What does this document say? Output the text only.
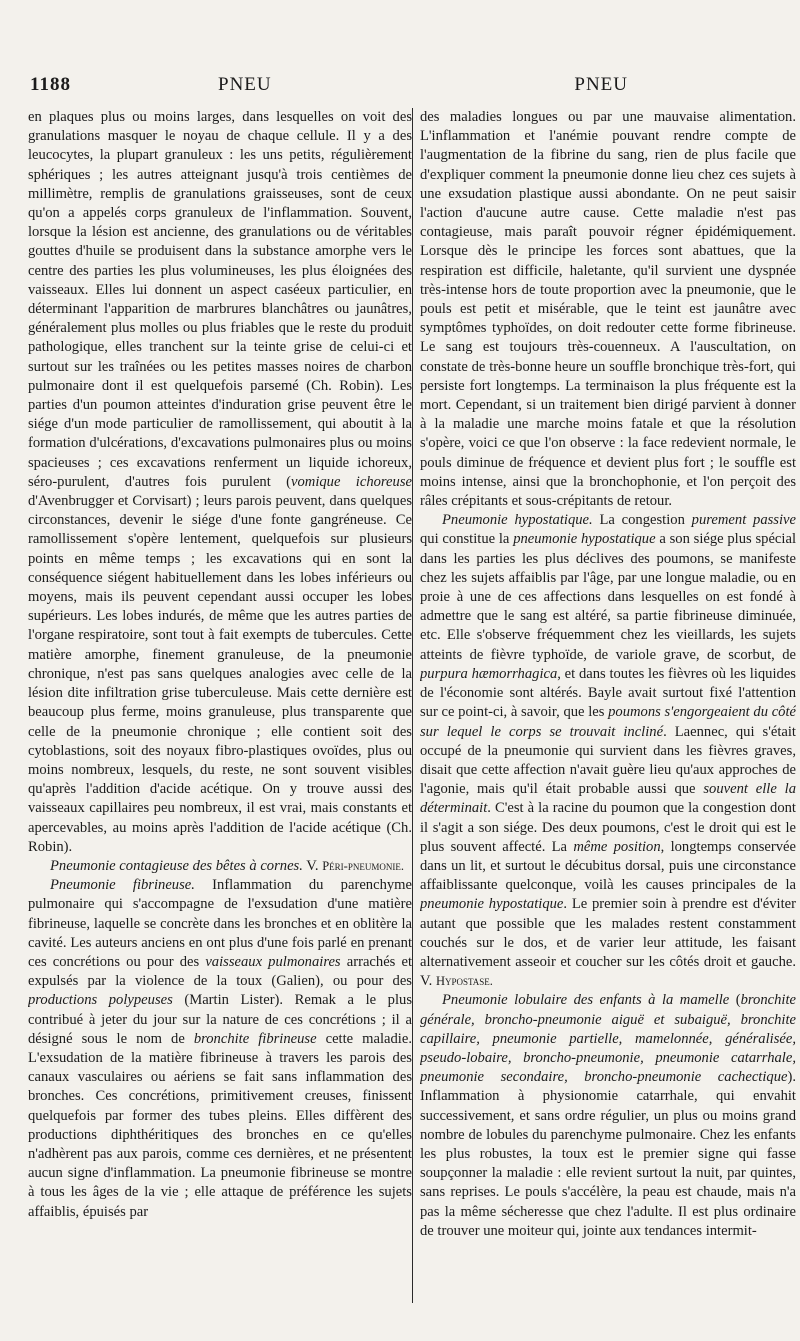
1188	PNEU	PNEU

en plaques plus ou moins larges, dans lesquelles on voit des granulations masquer le noyau de chaque cellule. Il y a des leucocytes, la plupart granuleux : les uns petits, régulièrement sphériques ; les autres atteignant jusqu'à trois centièmes de millimètre, remplis de granulations graisseuses, sont de ceux qu'on a appelés corps granuleux de l'inflammation. Souvent, lorsque la lésion est ancienne, des granulations ou de véritables gouttes d'huile se produisent dans la substance amorphe vers le centre des parties les plus volumineuses, les plus éloignées des vaisseaux. Elles lui donnent un aspect caséeux particulier, en déterminant l'apparition de marbrures blanchâtres ou jaunâtres, généralement plus molles ou plus friables que le reste du produit pathologique, elles tranchent sur la teinte grise de celui-ci et surtout sur les traînées ou les petites masses noires de charbon pulmonaire dont il est quelquefois parsemé (Ch. Robin). Les parties d'un poumon atteintes d'induration grise peuvent être le siége d'un mode particulier de ramollissement, qui aboutit à la formation d'ulcérations, d'excavations pulmonaires plus ou moins spacieuses ; ces excavations renferment un liquide ichoreux, séro-purulent, d'autres fois purulent (vomique ichoreuse d'Avenbrugger et Corvisart) ; leurs parois peuvent, dans quelques circonstances, devenir le siége d'une fonte gangréneuse. Ce ramollissement s'opère lentement, quelquefois sur plusieurs points en même temps ; les excavations qui en sont la conséquence siégent habituellement dans les lobes inférieurs ou moyens, mais ils peuvent cependant aussi occuper les lobes supérieurs. Les lobes indurés, de même que les autres parties de l'organe respiratoire, sont tout à fait exempts de tubercules. Cette matière amorphe, finement granuleuse, de la pneumonie chronique, n'est pas sans quelques analogies avec celle de la lésion dite infiltration grise tuberculeuse. Mais cette dernière est beaucoup plus ferme, moins granuleuse, plus transparente que celle de la pneumonie chronique ; elle contient soit des cytoblastions, soit des noyaux fibro-plastiques ovoïdes, plus ou moins nombreux, lesquels, du reste, ne sont souvent visibles qu'après l'addition d'acide acétique. On y trouve aussi des vaisseaux capillaires peu nombreux, il est vrai, mais constants et apercevables, au moins après l'addition de l'acide acétique (Ch. Robin).

Pneumonie contagieuse des bêtes à cornes. V. Péri-pneumonie.

Pneumonie fibrineuse. Inflammation du parenchyme pulmonaire qui s'accompagne de l'exsudation d'une matière fibrineuse, laquelle se concrète dans les bronches et en oblitère la cavité. Les auteurs anciens en ont plus d'une fois parlé en prenant ces concrétions ou pour des vaisseaux pulmonaires arrachés et expulsés par la violence de la toux (Galien), ou pour des productions polypeuses (Martin Lister). Remak a le plus contribué à jeter du jour sur la nature de ces concrétions ; il a désigné sous le nom de bronchite fibrineuse cette maladie. L'exsudation de la matière fibrineuse à travers les parois des canaux vasculaires ou aériens se fait sans inflammation des bronches. Ces concrétions, primitivement creuses, finissent quelquefois par former des tubes pleins. Elles diffèrent des productions diphthéritiques des bronches en ce qu'elles n'adhèrent pas aux parois, comme ces dernières, et ne présentent aucun signe d'inflammation. La pneumonie fibrineuse se montre à tous les âges de la vie ; elle attaque de préférence les sujets affaiblis, épuisés par

des maladies longues ou par une mauvaise alimentation. L'inflammation et l'anémie pouvant rendre compte de l'augmentation de la fibrine du sang, rien de plus facile que d'expliquer comment la pneumonie donne lieu chez ces sujets à une exsudation plastique aussi abondante. On ne peut saisir l'action d'aucune autre cause. Cette maladie n'est pas contagieuse, mais paraît pouvoir régner épidémiquement. Lorsque dès le principe les forces sont abattues, que la respiration est difficile, haletante, qu'il survient une dyspnée très-intense hors de toute proportion avec la pneumonie, que le pouls est petit et misérable, que le teint est jaunâtre avec symptômes typhoïdes, on doit redouter cette forme fibrineuse. Le sang est toujours très-couenneux. A l'auscultation, on constate de très-bonne heure un souffle bronchique très-fort, qui persiste fort longtemps. La terminaison la plus fréquente est la mort. Cependant, si un traitement bien dirigé parvient à donner à la maladie une marche moins fatale et que la résolution s'opère, voici ce que l'on observe : la face redevient normale, le pouls diminue de fréquence et devient plus fort ; le souffle est moins intense, ainsi que la bronchophonie, et l'on perçoit des râles crépitants et sous-crépitants de retour.

Pneumonie hypostatique. La congestion purement passive qui constitue la pneumonie hypostatique a son siége plus spécial dans les parties les plus déclives des poumons, se manifeste chez les sujets affaiblis par l'âge, par une longue maladie, ou en proie à une de ces affections dans lesquelles on est fondé à admettre que le sang est altéré, sa partie fibrineuse diminuée, etc. Elle s'observe fréquemment chez les vieillards, les sujets atteints de fièvre typhoïde, de variole grave, de scorbut, de purpura hæmorrhagica, et dans toutes les fièvres où les liquides de l'économie sont altérés. Bayle avait surtout fixé l'attention sur ce point-ci, à savoir, que les poumons s'engorgeaient du côté sur lequel le corps se trouvait incliné. Laennec, qui s'était occupé de la pneumonie qui survient dans les fièvres graves, disait que cette affection n'avait guère lieu qu'aux approches de l'agonie, mais qu'il était probable aussi que souvent elle la déterminait. C'est à la racine du poumon que la congestion dont il s'agit a son siége. Des deux poumons, c'est le droit qui est le plus souvent affecté. La même position, longtemps conservée dans un lit, et surtout le décubitus dorsal, puis une circonstance affaiblissante quelconque, voilà les causes principales de la pneumonie hypostatique. Le premier soin à prendre est d'éviter autant que possible que les malades restent constamment couchés sur le dos, et de varier leur attitude, les faisant alternativement asseoir et coucher sur les côtés droit et gauche. V. Hypostase.

Pneumonie lobulaire des enfants à la mamelle (bronchite générale, broncho-pneumonie aiguë et subaiguë, bronchite capillaire, pneumonie partielle, mamelonnée, généralisée, pseudo-lobaire, broncho-pneumonie, pneumonie catarrhale, pneumonie secondaire, broncho-pneumonie cachectique). Inflammation à physionomie catarrhale, qui envahit successivement, et sans ordre régulier, un plus ou moins grand nombre de lobules du parenchyme pulmonaire. Chez les enfants les plus robustes, la toux est le premier signe qui fasse soupçonner la maladie : elle revient surtout la nuit, par quintes, sans reprises. Le pouls s'accélère, la peau est chaude, mais n'a pas la même sécheresse que chez l'adulte. Il est plus ordinaire de trouver une moiteur qui, jointe aux tendances intermit-
